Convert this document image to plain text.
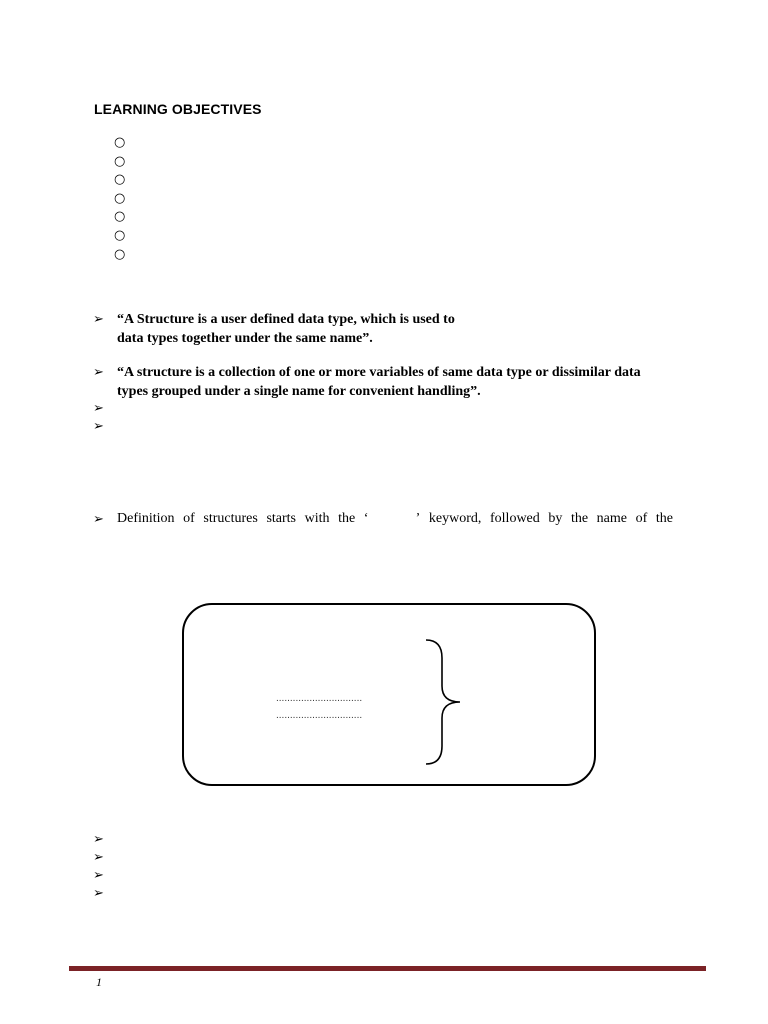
LEARNING OBJECTIVES
○
○
○
○
○
○
○
➢ “A Structure is a user defined data type, which is used to
data types together under the same name”.
➢ “A structure is a collection of one or more variables of same data type or dissimilar data
types grouped under a single name for convenient handling”.
➢
➢
➢ Definition of structures starts with the ‘	’ keyword, followed by the name of the
...............................
...............................
➢
➢
➢
➢
1
